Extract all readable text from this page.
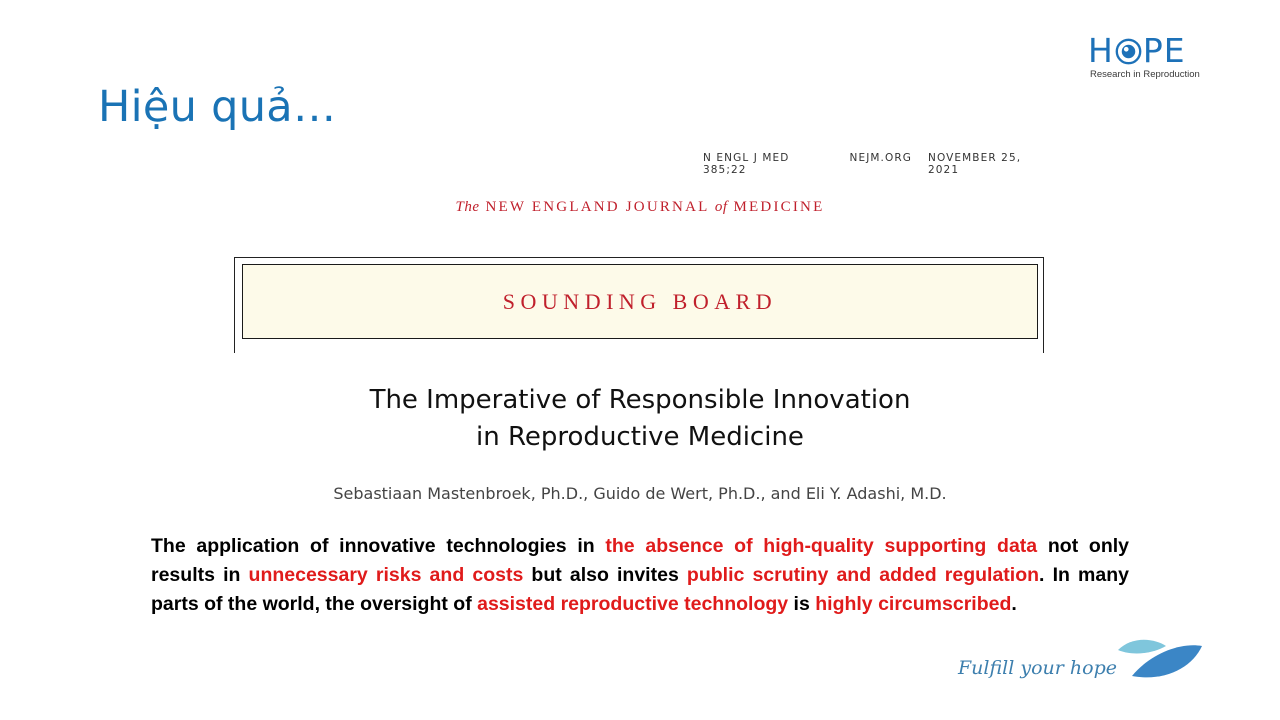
Hiệu quả…
H PE
Research in Reproduction
N ENGL J MED 385;22
NEJM.ORG NOVEMBER 25, 2021
The NEW ENGLAND JOURNAL of MEDICINE
SOUNDING BOARD
The Imperative of Responsible Innovation
in Reproductive Medicine
Sebastiaan Mastenbroek, Ph.D., Guido de Wert, Ph.D., and Eli Y. Adashi, M.D.
The application of innovative technologies in the absence of high-quality supporting data not only results in unnecessary risks and costs but also invites public scrutiny and added regulation. In many parts of the world, the oversight of assisted reproductive technology is highly circumscribed.
Fulfill your hope
